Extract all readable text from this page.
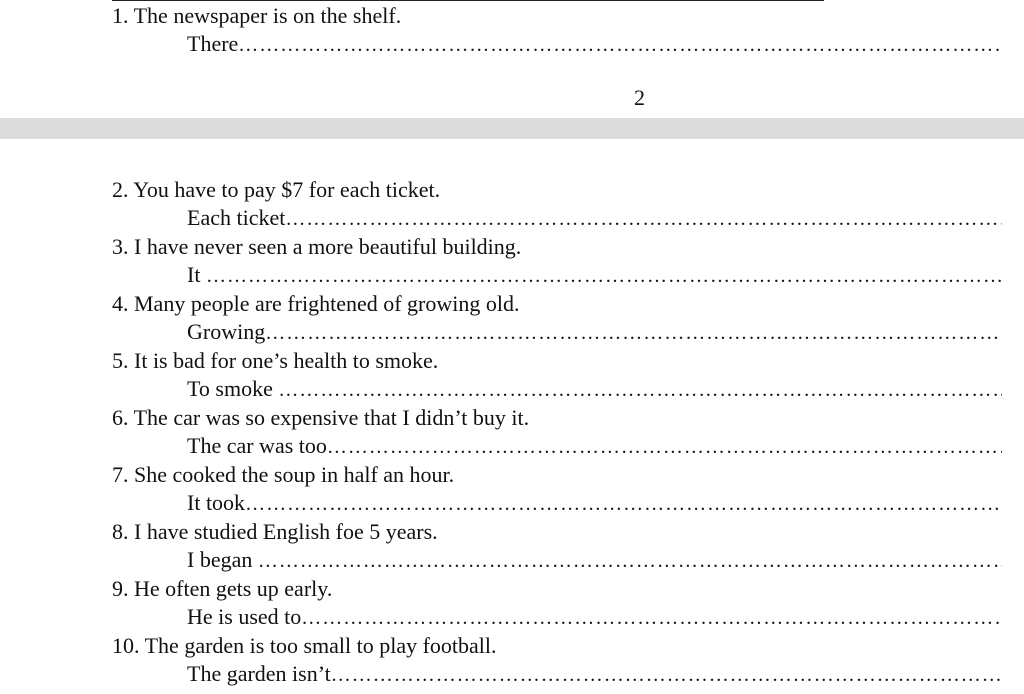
1. The newspaper is on the shelf.
There
……………………………………………………………………………………………………………………………………………………………………………………
2
2. You have to pay $7 for each ticket.
Each ticket
……………………………………………………………………………………………………………………………………………………………………………………
3. I have never seen a more beautiful building.
It
……………………………………………………………………………………………………………………………………………………………………………………
4. Many people are frightened of growing old.
Growing
……………………………………………………………………………………………………………………………………………………………………………………
5. It is bad for one’s health to smoke.
To smoke
……………………………………………………………………………………………………………………………………………………………………………………
6. The car was so expensive that I didn’t buy it.
The car was too
……………………………………………………………………………………………………………………………………………………………………………………
7. She cooked the soup in half an hour.
It took
……………………………………………………………………………………………………………………………………………………………………………………
8. I have studied English foe 5 years.
I began
……………………………………………………………………………………………………………………………………………………………………………………
9. He often gets up early.
He is used to
……………………………………………………………………………………………………………………………………………………………………………………
10. The garden is too small to play football.
The garden isn’t
……………………………………………………………………………………………………………………………………………………………………………………
